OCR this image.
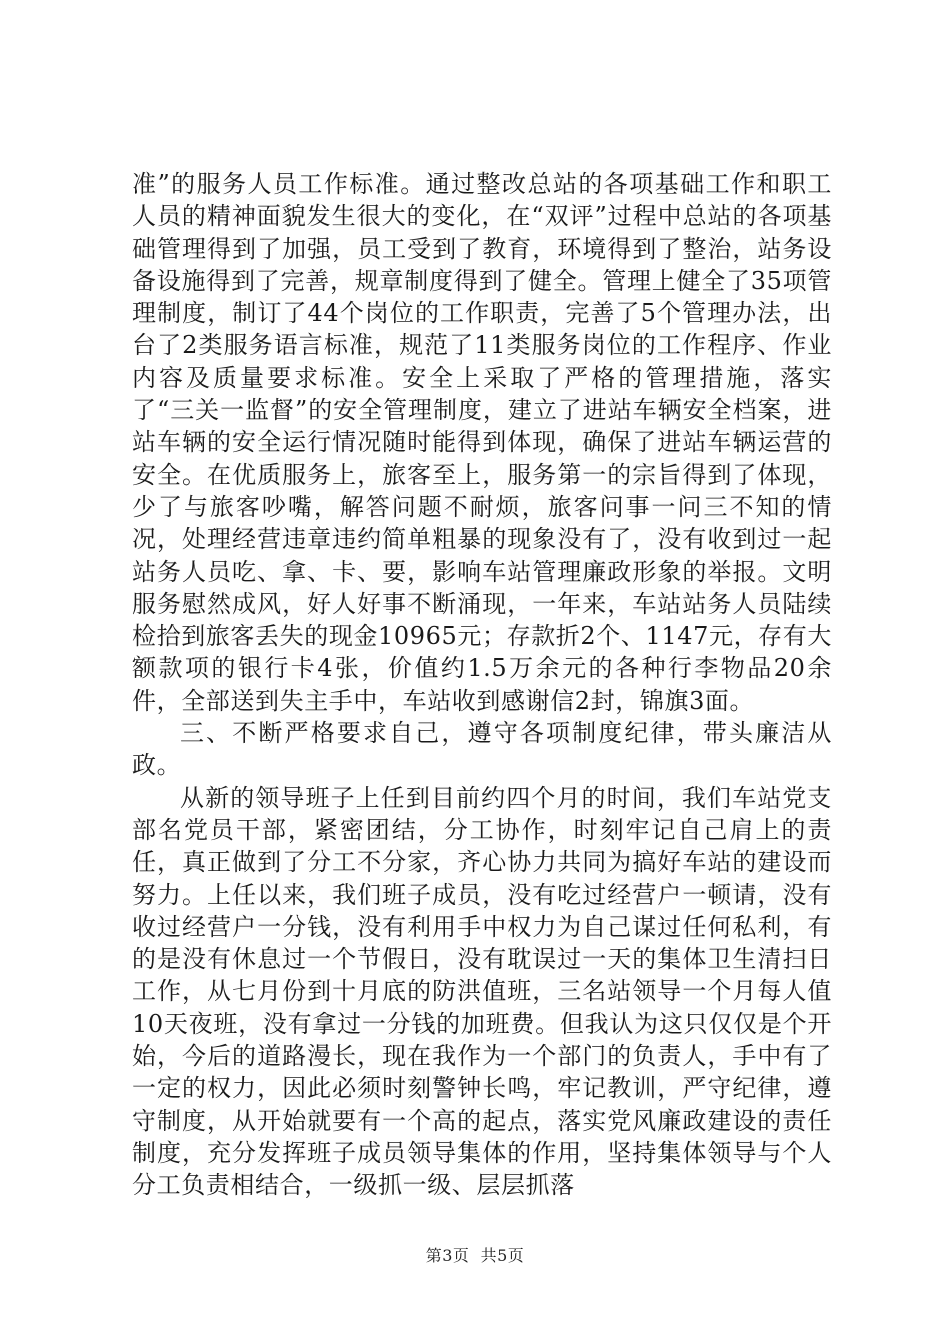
准”的服务人员工作标准。通过整改总站的各项基础工作和职工人员的精神面貌发生很大的变化，在“双评”过程中总站的各项基础管理得到了加强，员工受到了教育，环境得到了整治，站务设备设施得到了完善，规章制度得到了健全。管理上健全了35项管理制度，制订了44个岗位的工作职责，完善了5个管理办法，出台了2类服务语言标准，规范了11类服务岗位的工作程序、作业内容及质量要求标准。安全上采取了严格的管理措施，落实了“三关一监督”的安全管理制度，建立了进站车辆安全档案，进站车辆的安全运行情况随时能得到体现，确保了进站车辆运营的安全。在优质服务上，旅客至上，服务第一的宗旨得到了体现，少了与旅客吵嘴，解答问题不耐烦，旅客问事一问三不知的情况，处理经营违章违约简单粗暴的现象没有了，没有收到过一起站务人员吃、拿、卡、要，影响车站管理廉政形象的举报。文明服务慰然成风，好人好事不断涌现，一年来，车站站务人员陆续检拾到旅客丢失的现金10965元；存款折2个、1147元，存有大额款项的银行卡4张，价值约1.5万余元的各种行李物品20余件，全部送到失主手中，车站收到感谢信2封，锦旗3面。

三、不断严格要求自己，遵守各项制度纪律，带头廉洁从政。

从新的领导班子上任到目前约四个月的时间，我们车站党支部名党员干部，紧密团结，分工协作，时刻牢记自己肩上的责任，真正做到了分工不分家，齐心协力共同为搞好车站的建设而努力。上任以来，我们班子成员，没有吃过经营户一顿请，没有收过经营户一分钱，没有利用手中权力为自己谋过任何私利，有的是没有休息过一个节假日，没有耽误过一天的集体卫生清扫日工作，从七月份到十月底的防洪值班，三名站领导一个月每人值10天夜班，没有拿过一分钱的加班费。但我认为这只仅仅是个开始，今后的道路漫长，现在我作为一个部门的负责人，手中有了一定的权力，因此必须时刻警钟长鸣，牢记教训，严守纪律，遵守制度，从开始就要有一个高的起点，落实党风廉政建设的责任制度，充分发挥班子成员领导集体的作用，坚持集体领导与个人分工负责相结合，一级抓一级、层层抓落

第3页  共5页
